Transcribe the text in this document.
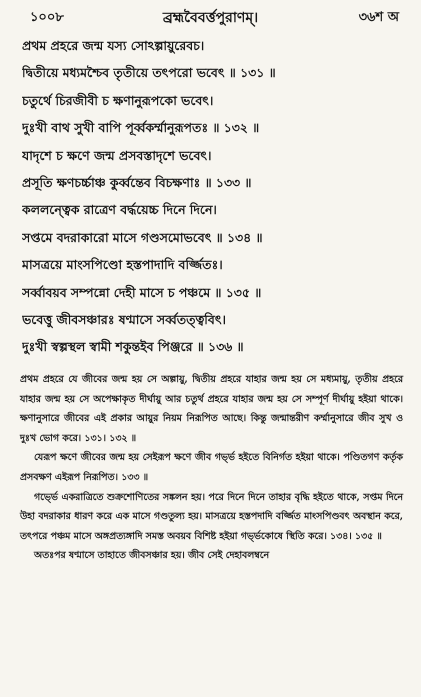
১০০৮	ব্রহ্মবৈবর্ত্তপুরাণম্।	৩৬শ অ
প্রথম প্রহরে জন্ম যস্য সোঽল্পায়ুরেবচ।
দ্বিতীয়ে মধ্যমশ্চৈব তৃতীয়ে তৎপরো ভবেৎ ॥ ১৩১ ॥
চতুর্থে চিরজীবী চ ক্ষণানুরূপকো ভবেৎ।
দুঃখী বাথ সুখী বাপি পূর্ব্বকর্ম্মানুরূপতঃ ॥ ১৩২ ॥
যাদৃশে চ ক্ষণে জন্ম প্রসবস্তাদৃশে ভবেৎ।
প্রসূতি ক্ষণচর্চ্চাঞ্চ কুর্ব্বন্তেব বিচক্ষণাঃ ॥ ১৩৩ ॥
কললন্ত্বেক রাত্রেণ বর্দ্ধয়েচ্চ দিনে দিনে।
সপ্তমে বদরাকারো মাসে গণ্ডসমোভবেৎ ॥ ১৩৪ ॥
মাসত্রয়ে মাংসপিণ্ডো হস্তপাদাদি বর্জ্জিতঃ।
সর্ব্বাবয়ব সম্পন্নো দেহী মাসে চ পঞ্চমে ॥ ১৩৫ ॥
ভবেত্তু জীবসঞ্চারঃ ষণ্মাসে সর্ব্বতত্ত্ববিৎ।
দুঃখী স্বল্পস্থল স্বামী শকুন্তইব পিঞ্জরে ॥ ১৩৬ ॥

প্রথম প্রহরে যে জীবের জন্ম হয় সে অল্পায়ু, দ্বিতীয় প্রহরে যাহার জন্ম হয় সে মধ্যমায়ু, তৃতীয় প্রহরে যাহার জন্ম হয় সে অপেক্ষাকৃত দীর্ঘায়ু আর চতুর্থ প্রহরে যাহার জন্ম হয় সে সম্পূর্ণ দীর্ঘায়ু হইয়া থাকে। ক্ষণানুসারে জীবের এই প্রকার আয়ুর নিয়ম নিরূপিত আছে। কিন্তু জন্মান্তরীণ কর্ম্মানুসারে জীব সুখ ও দুঃখ ভোগ করে। ১৩১। ১৩২ ॥

যেরূপ ক্ষণে জীবের জন্ম হয় সেইরূপ ক্ষণে জীব গর্ভ্ভ হইতে বিনির্গত হইয়া থাকে। পণ্ডিতগণ কর্তৃক প্রসবক্ষণ এইরূপ নিরূপিত। ১৩৩ ॥

গর্ভ্ভে একরাত্রিতে শুক্রশোণিতের সঙ্কলন হয়। পরে দিনে দিনে তাহার বৃদ্ধি হইতে থাকে, সপ্তম দিনে উহা বদরাকার ধারণ করে এক মাসে গণ্ডতুল্য হয়। মাসত্রয়ে হস্তপদাদি বর্জ্জিত মাংসপিণ্ডবৎ অবস্থান করে, তৎপরে পঞ্চম মাসে অঙ্গপ্রত্যঙ্গাদি সমস্ত অবয়ব বিশিষ্ট হইয়া গর্ভ্ভকোষে স্থিতি করে। ১৩৪। ১৩৫ ॥

অতঃপর ষণ্মাসে তাহাতে জীবসঞ্চার হয়। জীব সেই দেহাবলম্বনে
